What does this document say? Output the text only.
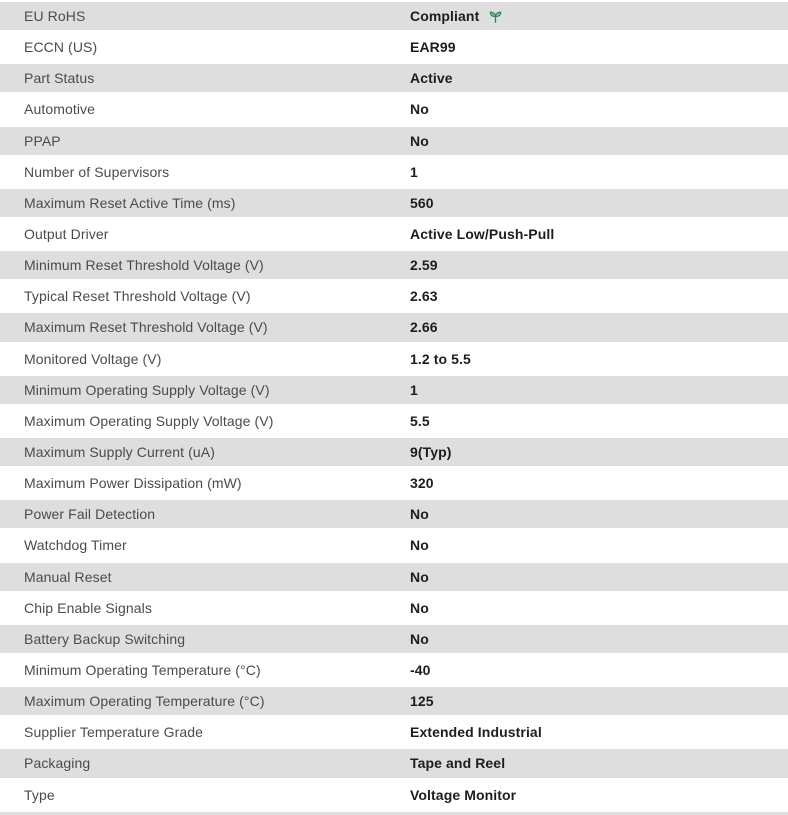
EU RoHS	Compliant
ECCN (US)	EAR99
Part Status	Active
Automotive	No
PPAP	No
Number of Supervisors	1
Maximum Reset Active Time (ms)	560
Output Driver	Active Low/Push-Pull
Minimum Reset Threshold Voltage (V)	2.59
Typical Reset Threshold Voltage (V)	2.63
Maximum Reset Threshold Voltage (V)	2.66
Monitored Voltage (V)	1.2 to 5.5
Minimum Operating Supply Voltage (V)	1
Maximum Operating Supply Voltage (V)	5.5
Maximum Supply Current (uA)	9(Typ)
Maximum Power Dissipation (mW)	320
Power Fail Detection	No
Watchdog Timer	No
Manual Reset	No
Chip Enable Signals	No
Battery Backup Switching	No
Minimum Operating Temperature (°C)	-40
Maximum Operating Temperature (°C)	125
Supplier Temperature Grade	Extended Industrial
Packaging	Tape and Reel
Type	Voltage Monitor
